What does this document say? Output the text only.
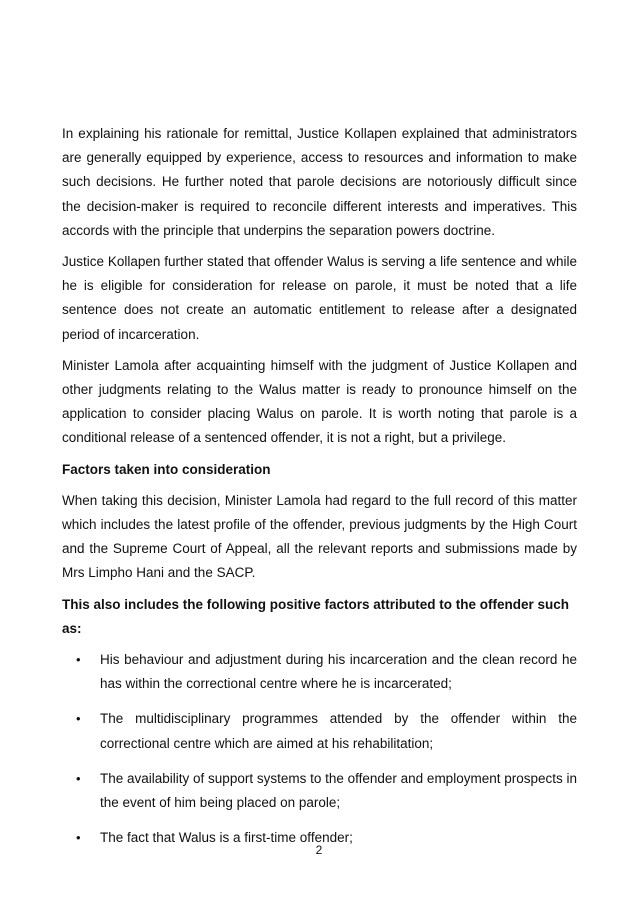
In explaining his rationale for remittal, Justice Kollapen explained that administrators are generally equipped by experience, access to resources and information to make such decisions. He further noted that parole decisions are notoriously difficult since the decision-maker is required to reconcile different interests and imperatives. This accords with the principle that underpins the separation powers doctrine.

Justice Kollapen further stated that offender Walus is serving a life sentence and while he is eligible for consideration for release on parole, it must be noted that a life sentence does not create an automatic entitlement to release after a designated period of incarceration.

Minister Lamola after acquainting himself with the judgment of Justice Kollapen and other judgments relating to the Walus matter is ready to pronounce himself on the application to consider placing Walus on parole. It is worth noting that parole is a conditional release of a sentenced offender, it is not a right, but a privilege.

Factors taken into consideration

When taking this decision, Minister Lamola had regard to the full record of this matter which includes the latest profile of the offender, previous judgments by the High Court and the Supreme Court of Appeal, all the relevant reports and submissions made by Mrs Limpho Hani and the SACP.

This also includes the following positive factors attributed to the offender such as:

• His behaviour and adjustment during his incarceration and the clean record he has within the correctional centre where he is incarcerated;
• The multidisciplinary programmes attended by the offender within the correctional centre which are aimed at his rehabilitation;
• The availability of support systems to the offender and employment prospects in the event of him being placed on parole;
• The fact that Walus is a first-time offender;
2
